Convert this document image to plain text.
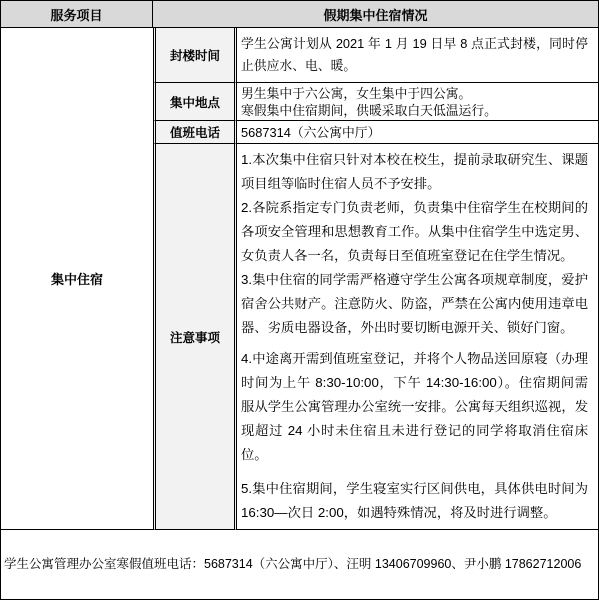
服务项目	假期集中住宿情况
集中住宿
封楼时间
学生公寓计划从 2021 年 1 月 19 日早 8 点正式封楼，同时停止供应水、电、暖。
集中地点
男生集中于六公寓，女生集中于四公寓。
寒假集中住宿期间，供暖采取白天低温运行。
值班电话 5687314（六公寓中厅）
注意事项

1.本次集中住宿只针对本校在校生，提前录取研究生、课题项目组等临时住宿人员不予安排。

2.各院系指定专门负责老师，负责集中住宿学生在校期间的各项安全管理和思想教育工作。从集中住宿学生中选定男、女负责人各一名，负责每日至值班室登记在住学生情况。

3.集中住宿的同学需严格遵守学生公寓各项规章制度，爱护宿舍公共财产。注意防火、防盗，严禁在公寓内使用违章电器、劣质电器设备，外出时要切断电源开关、锁好门窗。

4.中途离开需到值班室登记，并将个人物品送回原寝（办理时间为上午 8:30-10:00，下午 14:30-16:00）。住宿期间需服从学生公寓管理办公室统一安排。公寓每天组织巡视，发现超过 24 小时未住宿且未进行登记的同学将取消住宿床位。

5.集中住宿期间，学生寝室实行区间供电，具体供电时间为16:30—次日 2:00，如遇特殊情况，将及时进行调整。

学生公寓管理办公室寒假值班电话：5687314（六公寓中厅）、汪明 13406709960、尹小鹏 17862712006
